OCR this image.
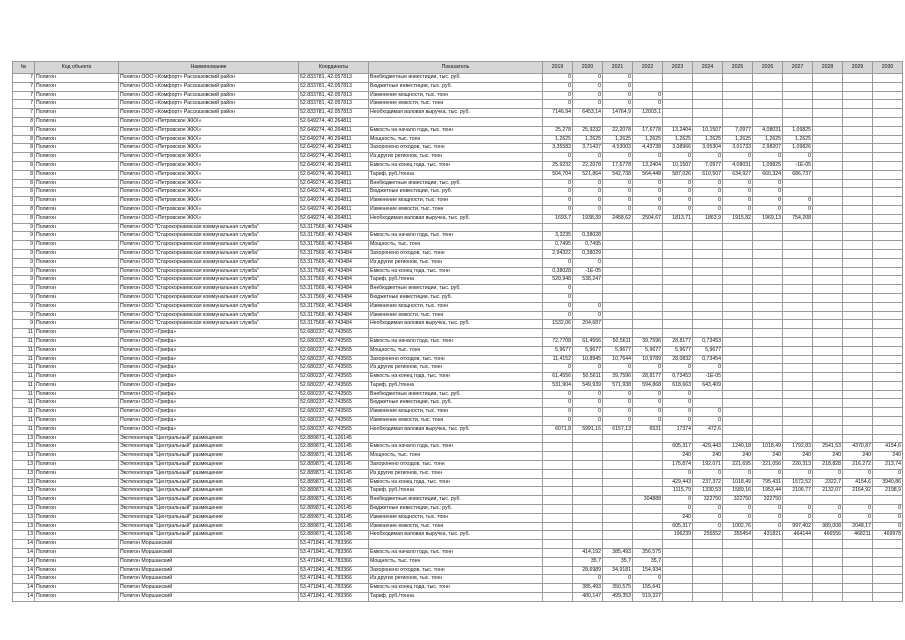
№	Код объекта	Наименование	Координаты	Показатель	2019	2020	2021	2022	2023	2024	2025	2026	2027	2028	2029	2030
7	Полигон	Полигон ООО «Комфорт» Рассказовский район	52.833781, 42.057813	Внебюджетные инвестиции, тыс. руб.	0	0	0									
7	Полигон	Полигон ООО «Комфорт» Рассказовский район	52.833781, 42.057813	Бюджетные инвестиции, тыс. руб.	0	0	0									
7	Полигон	Полигон ООО «Комфорт» Рассказовский район	52.833781, 42.057813	Изменение мощности, тыс. тонн	0	0	0	0								
7	Полигон	Полигон ООО «Комфорт» Рассказовский район	52.833781, 42.057813	Изменение емкости, тыс. тонн	0	0	0	0								
7	Полигон	Полигон ООО «Комфорт» Рассказовский район	52.833781, 42.057813	Необходимая валовая выручка, тыс. руб.	7146,94	6453,14	14764,9	12003,1								
8	Полигон	Полигон ООО «Петровское ЖКХ»	52.649274, 40.264811													
8	Полигон	Полигон ООО «Петровское ЖКХ»	52.649274, 40.264811	Емкость на начало года, тыс. тонн	25,278	25,9232	22,2078	17,6778	13,2404	10,1507	7,0977	4,08031	1,09825			
8	Полигон	Полигон ООО «Петровское ЖКХ»	52.649274, 40.264811	Мощность, тыс. тонн	1,2625	1,2625	1,2625	1,2625	1,2625	1,2625	1,2625	1,2625	1,2625			
8	Полигон	Полигон ООО «Петровское ЖКХ»	52.649274, 40.264811	Захоронено отходов, тыс. тонн	3,35583	3,71437	4,53003	4,43738	3,08966	3,05304	3,01733	2,98207	1,09826			
8	Полигон	Полигон ООО «Петровское ЖКХ»	52.649274, 40.264811	Из других регионов, тыс. тонн	0	0	0	0	0	0	0	0	0			
8	Полигон	Полигон ООО «Петровское ЖКХ»	52.649274, 40.264811	Емкость на конец года, тыс. тонн	25,9232	22,2078	17,6778	13,2404	10,1507	7,0977	4,08031	1,09825	-1E-05			
8	Полигон	Полигон ООО «Петровское ЖКХ»	52.649274, 40.264811	Тариф, руб./тонна	504,704	521,864	542,738	564,448	587,026	610,507	634,927	660,324	686,737			
8	Полигон	Полигон ООО «Петровское ЖКХ»	52.649274, 40.264811	Внебюджетные инвестиции, тыс. руб.	0	0	0	0	0	0	0	0				
8	Полигон	Полигон ООО «Петровское ЖКХ»	52.649274, 40.264811	Бюджетные инвестиции, тыс. руб.	0	0	0	0	0	0	0	0				
8	Полигон	Полигон ООО «Петровское ЖКХ»	52.649274, 40.264811	Изменение мощности, тыс. тонн	0	0	0	0	0	0	0	0	0			
8	Полигон	Полигон ООО «Петровское ЖКХ»	52.649274, 40.264811	Изменение емкости, тыс. тонн	0	0	0	0	0	0	0	0	0			
8	Полигон	Полигон ООО «Петровское ЖКХ»	52.649274, 40.264811	Необходимая валовая выручка, тыс. руб.	1693,7	1938,39	2458,62	2504,67	1813,71	1863,9	1915,82	1969,13	754,208			
9	Полигон	Полигон ООО "Старокорнаевская коммунальная служба"	53.317569, 40.743484													
9	Полигон	Полигон ООО "Старокорнаевская коммунальная служба"	53.317569, 40.743484	Емкость на начало года, тыс. тонн	3,3235	0,38028										
9	Полигон	Полигон ООО "Старокорнаевская коммунальная служба"	53.317569, 40.743484	Мощность, тыс. тонн	0,7495	0,7495										
9	Полигон	Полигон ООО "Старокорнаевская коммунальная служба"	53.317569, 40.743484	Захоронено отходов, тыс. тонн	2,94322	0,38029										
9	Полигон	Полигон ООО "Старокорнаевская коммунальная служба"	53.317569, 40.743484	Из других регионов, тыс. тонн	0	0										
9	Полигон	Полигон ООО "Старокорнаевская коммунальная служба"	53.317569, 40.743484	Емкость на конец года, тыс. тонн	0,38028	-1E-05										
9	Полигон	Полигон ООО "Старокорнаевская коммунальная служба"	53.317569, 40.743484	Тариф, руб./тонна	520,948	538,247										
9	Полигон	Полигон ООО "Старокорнаевская коммунальная служба"	53.317569, 40.743484	Внебюджетные инвестиции, тыс. руб.	0											
9	Полигон	Полигон ООО "Старокорнаевская коммунальная служба"	53.317569, 40.743484	Бюджетные инвестиции, тыс. руб.	0											
9	Полигон	Полигон ООО "Старокорнаевская коммунальная служба"	53.317569, 40.743484	Изменение мощности, тыс. тонн	0	0										
9	Полигон	Полигон ООО "Старокорнаевская коммунальная служба"	53.317569, 40.743484	Изменение емкости, тыс. тонн	0	0										
9	Полигон	Полигон ООО "Старокорнаевская коммунальная служба"	53.317569, 40.743484	Необходимая валовая выручка, тыс. руб.	1532,06	204,687										
11	Полигон	Полигон ООО «Грифа»	52.680237, 42.743565													
11	Полигон	Полигон ООО «Грифа»	52.680237, 42.743565	Емкость на начало года, тыс. тонн	72,7708	61,4556	50,5611	39,7596	28,8177	0,73453						
11	Полигон	Полигон ООО «Грифа»	52.680237, 42.743565	Мощность, тыс. тонн	5,9677	5,9677	5,9677	5,9677	5,9677	5,9677						
11	Полигон	Полигон ООО «Грифа»	52.680237, 42.743565	Захоронено отходов, тыс. тонн	11,4152	10,8945	10,7644	10,9789	28,0832	0,73454						
11	Полигон	Полигон ООО «Грифа»	52.680237, 42.743565	Из других регионов, тыс. тонн	0	0	0	0	0	0						
11	Полигон	Полигон ООО «Грифа»	52.680237, 42.743565	Емкость на конец года, тыс. тонн	61,4556	50,5611	39,7596	28,8177	0,73453	-1E-05						
11	Полигон	Полигон ООО «Грифа»	52.680237, 42.743565	Тариф, руб./тонна	531,904	549,939	571,938	594,868	618,663	643,409						
11	Полигон	Полигон ООО «Грифа»	52.680237, 42.743565	Внебюджетные инвестиции, тыс. руб.	0	0	0	0	0							
11	Полигон	Полигон ООО «Грифа»	52.680237, 42.743565	Бюджетные инвестиции, тыс. руб.	0	0	0	0	0							
11	Полигон	Полигон ООО «Грифа»	52.680237, 42.743565	Изменение мощности, тыс. тонн	0	0	0	0	0	0						
11	Полигон	Полигон ООО «Грифа»	52.680237, 42.743565	Изменение емкости, тыс. тонн	0	0	0	0	0	0						
11	Полигон	Полигон ООО «Грифа»	52.680237, 42.743565	Необходимая валовая выручка, тыс. руб.	6071,8	5991,16	6157,13	6531	17374	472,6						
13	Полигон	Экотехнопарк "Центральный" размещение	52.889871, 41.126145													
13	Полигон	Экотехнопарк "Центральный" размещение	52.889871, 41.126145	Емкость на начало года, тыс. тонн					605,317	429,443	1240,18	1018,49	1792,83	2541,53	4370,87	4154,6
13	Полигон	Экотехнопарк "Центральный" размещение	52.889871, 41.126145	Мощность, тыс. тонн					240	240	240	240	240	240	240	240
13	Полигон	Экотехнопарк "Центральный" размещение	52.889871, 41.126145	Захоронено отходов, тыс. тонн					175,874	192,071	221,695	221,056	220,313	218,828	216,272	213,74
13	Полигон	Экотехнопарк "Центральный" размещение	52.889871, 41.126145	Из других регионов, тыс. тонн					0	0	0	0	0	0	0	0
13	Полигон	Экотехнопарк "Центральный" размещение	52.889871, 41.126145	Емкость на конец года, тыс. тонн					429,443	237,372	1018,49	795,431	1572,52	2322,7	4154,6	3940,86
13	Полигон	Экотехнопарк "Центральный" размещение	52.889871, 41.126145	Тариф, руб./тонна					1115,79	1330,53	1589,16	1953,44	2106,77	2132,07	2164,92	2198,9
13	Полигон	Экотехнопарк "Центральный" размещение	52.889871, 41.126145	Внебюджетные инвестиции, тыс. руб.				304888	0	322750	322750	322750				
13	Полигон	Экотехнопарк "Центральный" размещение	52.889871, 41.126145	Бюджетные инвестиции, тыс. руб.					0	0	0	0	0	0	0	0
13	Полигон	Экотехнопарк "Центральный" размещение	52.889871, 41.126145	Изменение мощности, тыс. тонн					240	0	0	0	0	0	0	0
13	Полигон	Экотехнопарк "Центральный" размещение	52.889871, 41.126145	Изменение емкости, тыс. тонн					605,317	0	1002,76	0	997,402	989,008	2048,17	0
13	Полигон	Экотехнопарк "Центральный" размещение	52.889871, 41.126145	Необходимая валовая выручка, тыс. руб.					196239	255552	355454	431821	464144	466556	468211	469978
14	Полигон	Полигон Моршанский	53.471841, 41.783366													
14	Полигон	Полигон Моршанский	53.471841, 41.783366	Емкость на начало года, тыс. тонн		414,192	385,493	356,575								
14	Полигон	Полигон Моршанский	53.471841, 41.783366	Мощность, тыс. тонн		35,7	35,7	35,7								
14	Полигон	Полигон Моршанский	53.471841, 41.783366	Захоронено отходов, тыс. тонн		28,6989	34,9181	154,934								
14	Полигон	Полигон Моршанский	53.471841, 41.783366	Из других регионов, тыс. тонн		0	0	0								
14	Полигон	Полигон Моршанский	53.471841, 41.783366	Емкость на конец года, тыс. тонн		385,493	350,575	155,641								
14	Полигон	Полигон Моршанский	53.471841, 41.783366	Тариф, руб./тонна		480,147	499,353	519,327								
